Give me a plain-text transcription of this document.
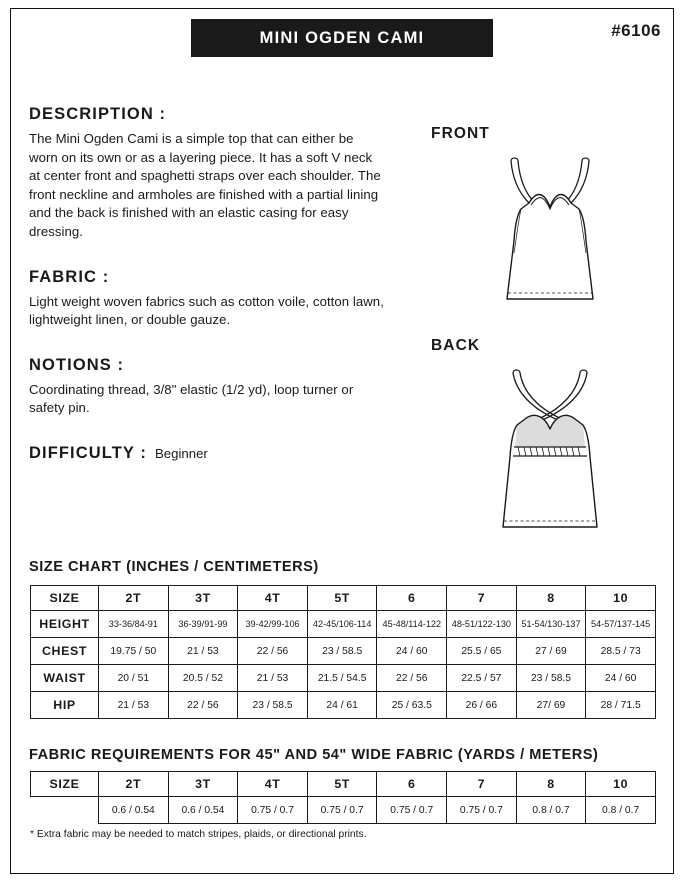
MINI OGDEN CAMI	#6106
DESCRIPTION :

The Mini Ogden Cami is a simple top that can either be worn on its own or as a layering piece. It has a soft V neck at center front and spaghetti straps over each shoulder. The front neckline and armholes are finished with a partial lining and the back is finished with an elastic casing for easy dressing.

FABRIC :

Light weight woven fabrics such as cotton voile, cotton lawn, lightweight linen, or double gauze.

NOTIONS :

Coordinating thread, 3/8" elastic (1/2 yd), loop turner or safety pin.

DIFFICULTY : Beginner
FRONT
BACK
SIZE CHART (INCHES / CENTIMETERS)
SIZE	2T	3T	4T	5T	6	7	8	10
HEIGHT	33-36/84-91	36-39/91-99	39-42/99-106	42-45/106-114	45-48/114-122	48-51/122-130	51-54/130-137	54-57/137-145
CHEST	19.75 / 50	21 / 53	22 / 56	23 / 58.5	24 / 60	25.5 / 65	27 / 69	28.5 / 73
WAIST	20 / 51	20.5 / 52	21 / 53	21.5 / 54.5	22 / 56	22.5 / 57	23 / 58.5	24 / 60
HIP	21 / 53	22 / 56	23 / 58.5	24 / 61	25 / 63.5	26 / 66	27/ 69	28 / 71.5
FABRIC REQUIREMENTS FOR 45" AND 54" WIDE FABRIC (YARDS / METERS)
SIZE	2T	3T	4T	5T	6	7	8	10
	0.6 / 0.54	0.6 / 0.54	0.75 / 0.7	0.75 / 0.7	0.75 / 0.7	0.75 / 0.7	0.8 / 0.7	0.8 / 0.7
* Extra fabric may be needed to match stripes, plaids, or directional prints.
